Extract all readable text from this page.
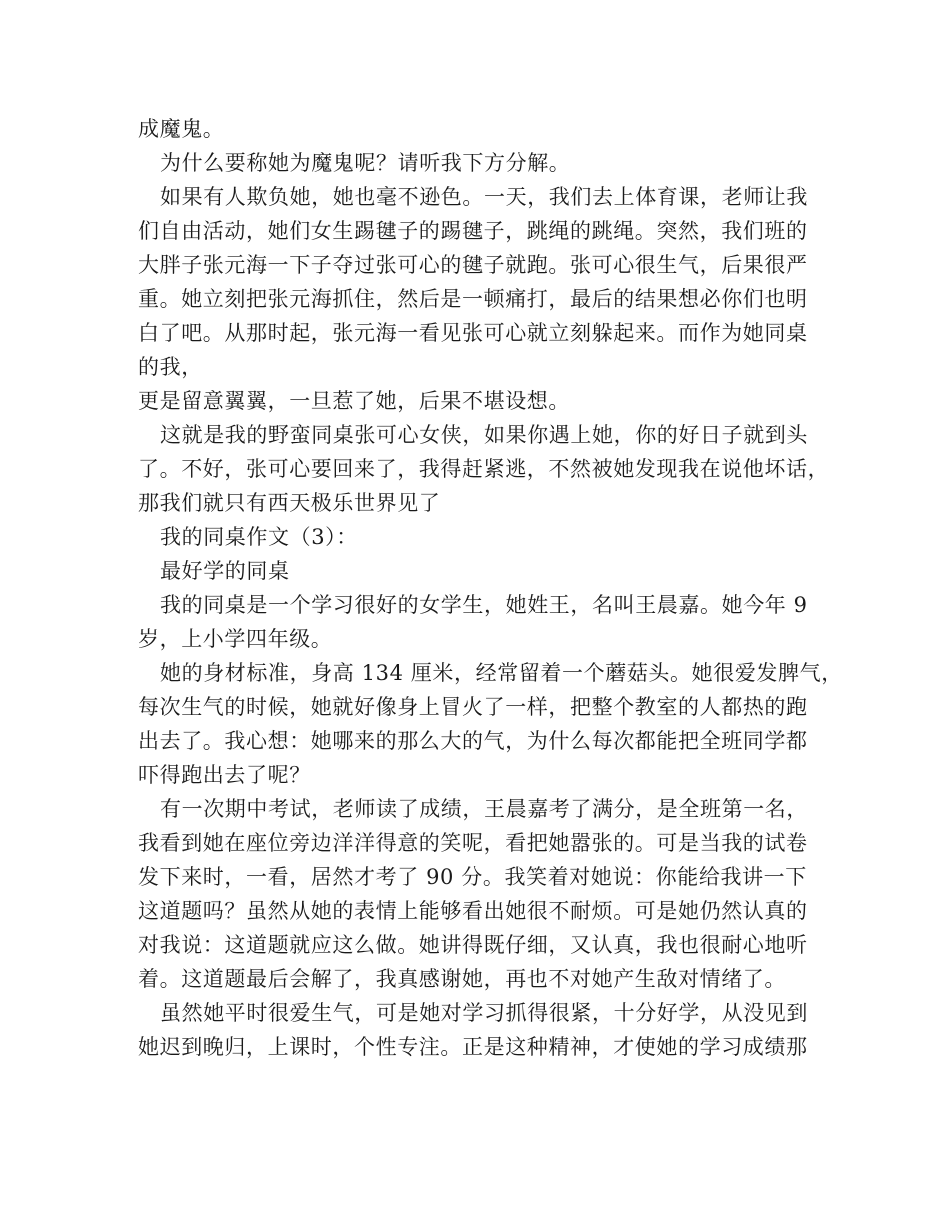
成魔鬼。
为什么要称她为魔鬼呢？请听我下方分解。
如果有人欺负她，她也毫不逊色。一天，我们去上体育课，老师让我
们自由活动，她们女生踢毽子的踢毽子，跳绳的跳绳。突然，我们班的
大胖子张元海一下子夺过张可心的毽子就跑。张可心很生气，后果很严
重。她立刻把张元海抓住，然后是一顿痛打，最后的结果想必你们也明
白了吧。从那时起，张元海一看见张可心就立刻躲起来。而作为她同桌
的我，
更是留意翼翼，一旦惹了她，后果不堪设想。
这就是我的野蛮同桌张可心女侠，如果你遇上她，你的好日子就到头
了。不好，张可心要回来了，我得赶紧逃，不然被她发现我在说他坏话，
那我们就只有西天极乐世界见了
我的同桌作文（3）：
最好学的同桌
我的同桌是一个学习很好的女学生，她姓王，名叫王晨嘉。她今年 9
岁，上小学四年级。
她的身材标准，身高 134 厘米，经常留着一个蘑菇头。她很爱发脾气，
每次生气的时候，她就好像身上冒火了一样，把整个教室的人都热的跑
出去了。我心想：她哪来的那么大的气，为什么每次都能把全班同学都
吓得跑出去了呢？
有一次期中考试，老师读了成绩，王晨嘉考了满分，是全班第一名，
我看到她在座位旁边洋洋得意的笑呢，看把她嚣张的。可是当我的试卷
发下来时，一看，居然才考了 90 分。我笑着对她说：你能给我讲一下
这道题吗？虽然从她的表情上能够看出她很不耐烦。可是她仍然认真的
对我说：这道题就应这么做。她讲得既仔细，又认真，我也很耐心地听
着。这道题最后会解了，我真感谢她，再也不对她产生敌对情绪了。
虽然她平时很爱生气，可是她对学习抓得很紧，十分好学，从没见到
她迟到晚归，上课时，个性专注。正是这种精神，才使她的学习成绩那
